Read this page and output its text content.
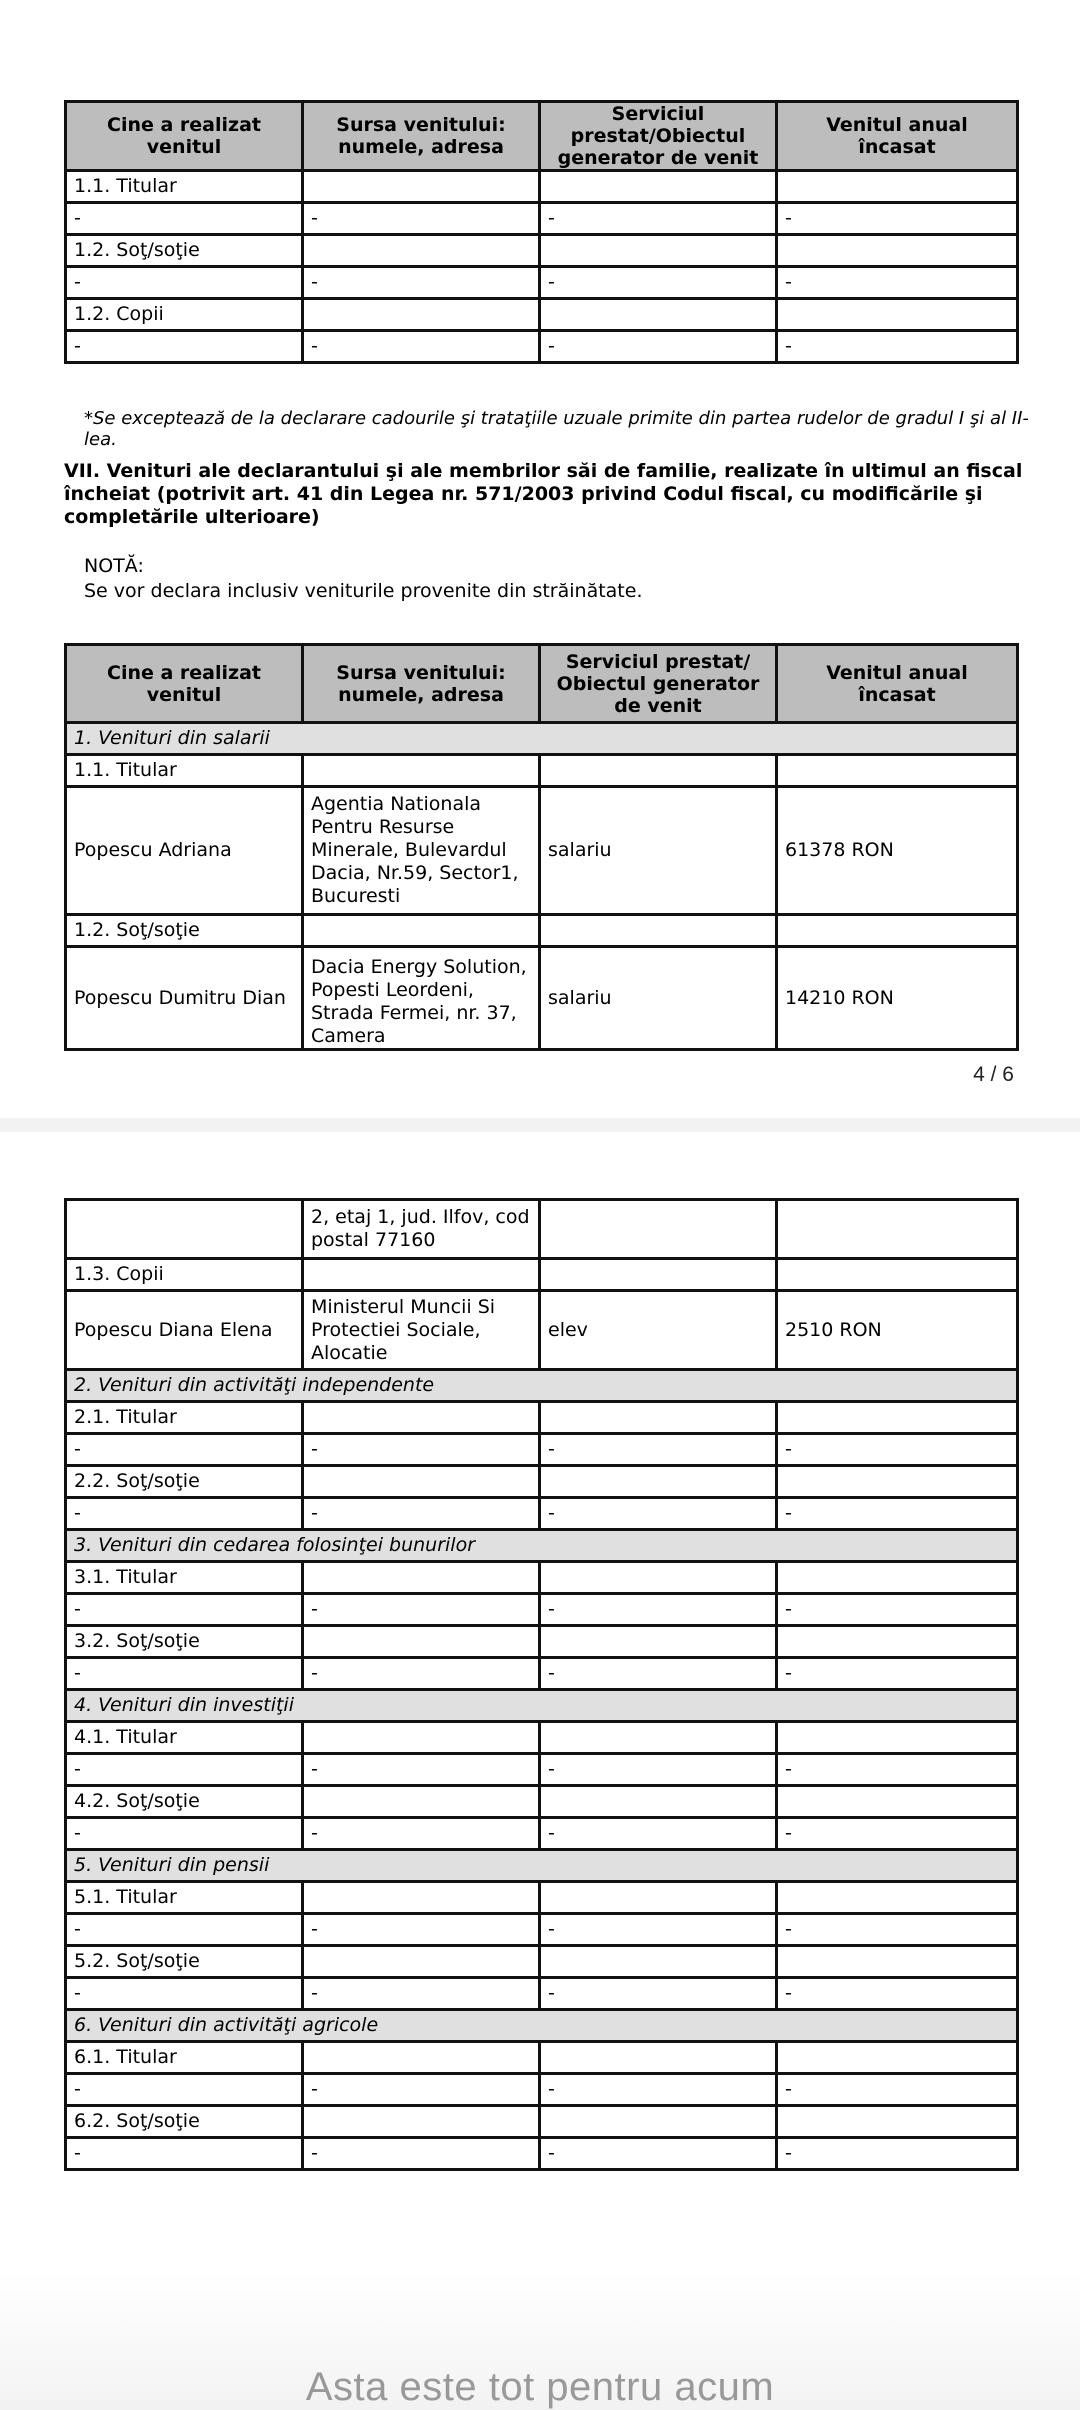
Cine a realizat venitul	Sursa venitului: numele, adresa	Serviciul prestat/Obiectul generator de venit	Venitul anual încasat
1.1. Titular			
-	-	-	-
1.2. Soţ/soţie			
-	-	-	-
1.2. Copii			
-	-	-	-
*Se exceptează de la declarare cadourile şi trataţiile uzuale primite din partea rudelor de gradul I şi al II-lea.
VII. Venituri ale declarantului şi ale membrilor săi de familie, realizate în ultimul an fiscal încheiat (potrivit art. 41 din Legea nr. 571/2003 privind Codul fiscal, cu modificările şi completările ulterioare)
NOTĂ:
Se vor declara inclusiv veniturile provenite din străinătate.
Cine a realizat venitul	Sursa venitului: numele, adresa	Serviciul prestat/ Obiectul generator de venit	Venitul anual încasat
1. Venituri din salarii			
1.1. Titular			
Popescu Adriana	Agentia Nationala Pentru Resurse Minerale, Bulevardul Dacia, Nr.59, Sector1, Bucuresti	salariu	61378 RON
1.2. Soţ/soţie			
Popescu Dumitru Dian	Dacia Energy Solution, Popesti Leordeni, Strada Fermei, nr. 37, Camera	salariu	14210 RON
4 / 6
	2, etaj 1, jud. Ilfov, cod postal 77160		
1.3. Copii			
Popescu Diana Elena	Ministerul Muncii Si Protectiei Sociale, Alocatie	elev	2510 RON
2. Venituri din activităţi independente			
2.1. Titular			
-	-	-	-
2.2. Soţ/soţie			
-	-	-	-
3. Venituri din cedarea folosinţei bunurilor			
3.1. Titular			
-	-	-	-
3.2. Soţ/soţie			
-	-	-	-
4. Venituri din investiţii			
4.1. Titular			
-	-	-	-
4.2. Soţ/soţie			
-	-	-	-
5. Venituri din pensii			
5.1. Titular			
-	-	-	-
5.2. Soţ/soţie			
-	-	-	-
6. Venituri din activităţi agricole			
6.1. Titular			
-	-	-	-
6.2. Soţ/soţie			
-	-	-	-
Asta este tot pentru acum
